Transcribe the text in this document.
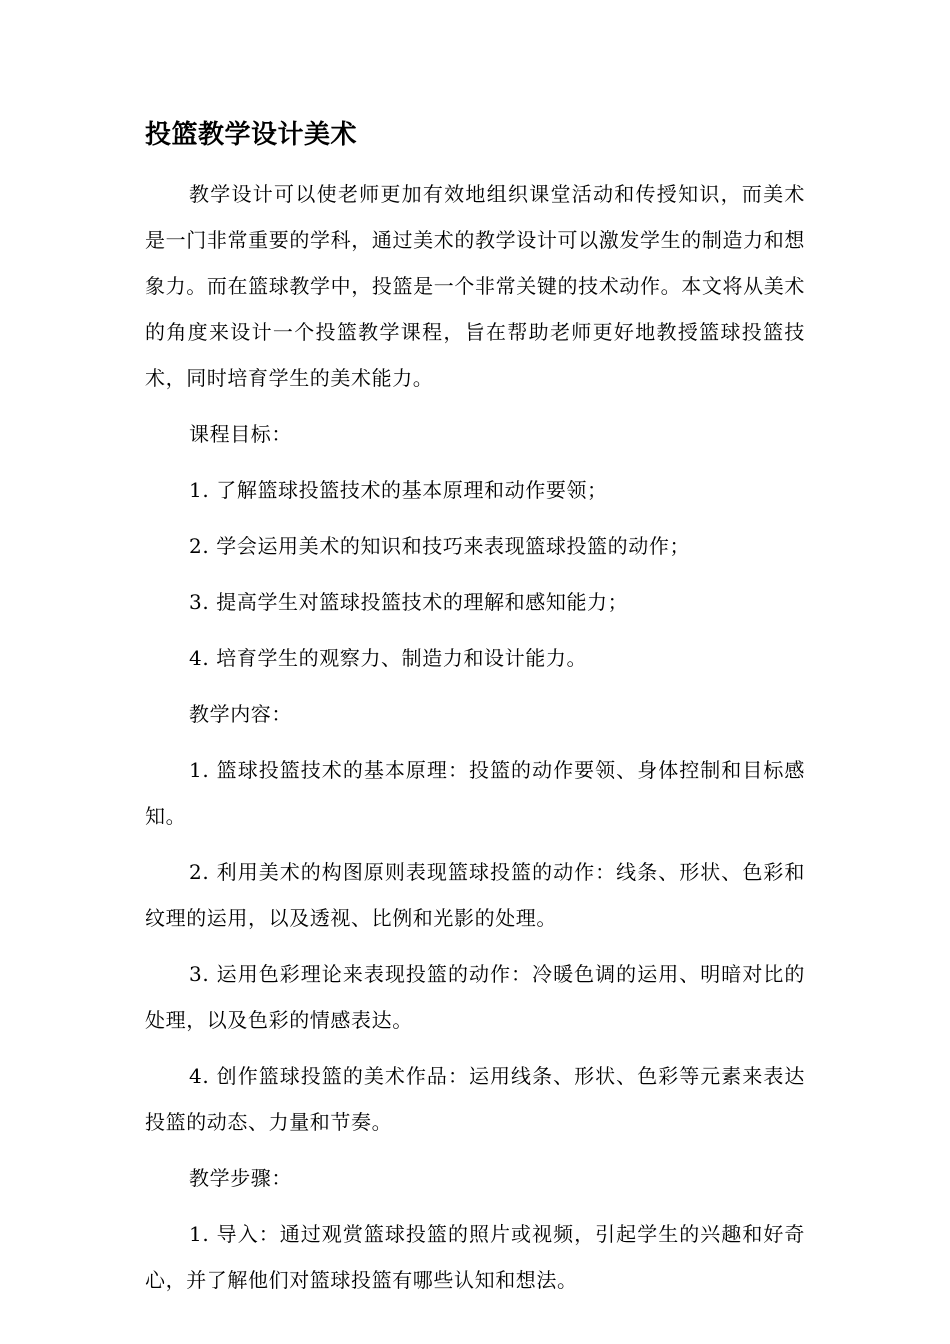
投篮教学设计美术

教学设计可以使老师更加有效地组织课堂活动和传授知识，而美术是一门非常重要的学科，通过美术的教学设计可以激发学生的制造力和想象力。而在篮球教学中，投篮是一个非常关键的技术动作。本文将从美术的角度来设计一个投篮教学课程，旨在帮助老师更好地教授篮球投篮技术，同时培育学生的美术能力。

课程目标：

1. 了解篮球投篮技术的基本原理和动作要领；

2. 学会运用美术的知识和技巧来表现篮球投篮的动作；

3. 提高学生对篮球投篮技术的理解和感知能力；

4. 培育学生的观察力、制造力和设计能力。

教学内容：

1. 篮球投篮技术的基本原理：投篮的动作要领、身体控制和目标感知。

2. 利用美术的构图原则表现篮球投篮的动作：线条、形状、色彩和纹理的运用，以及透视、比例和光影的处理。

3. 运用色彩理论来表现投篮的动作：冷暖色调的运用、明暗对比的处理，以及色彩的情感表达。

4. 创作篮球投篮的美术作品：运用线条、形状、色彩等元素来表达投篮的动态、力量和节奏。

教学步骤：

1. 导入：通过观赏篮球投篮的照片或视频，引起学生的兴趣和好奇心，并了解他们对篮球投篮有哪些认知和想法。
